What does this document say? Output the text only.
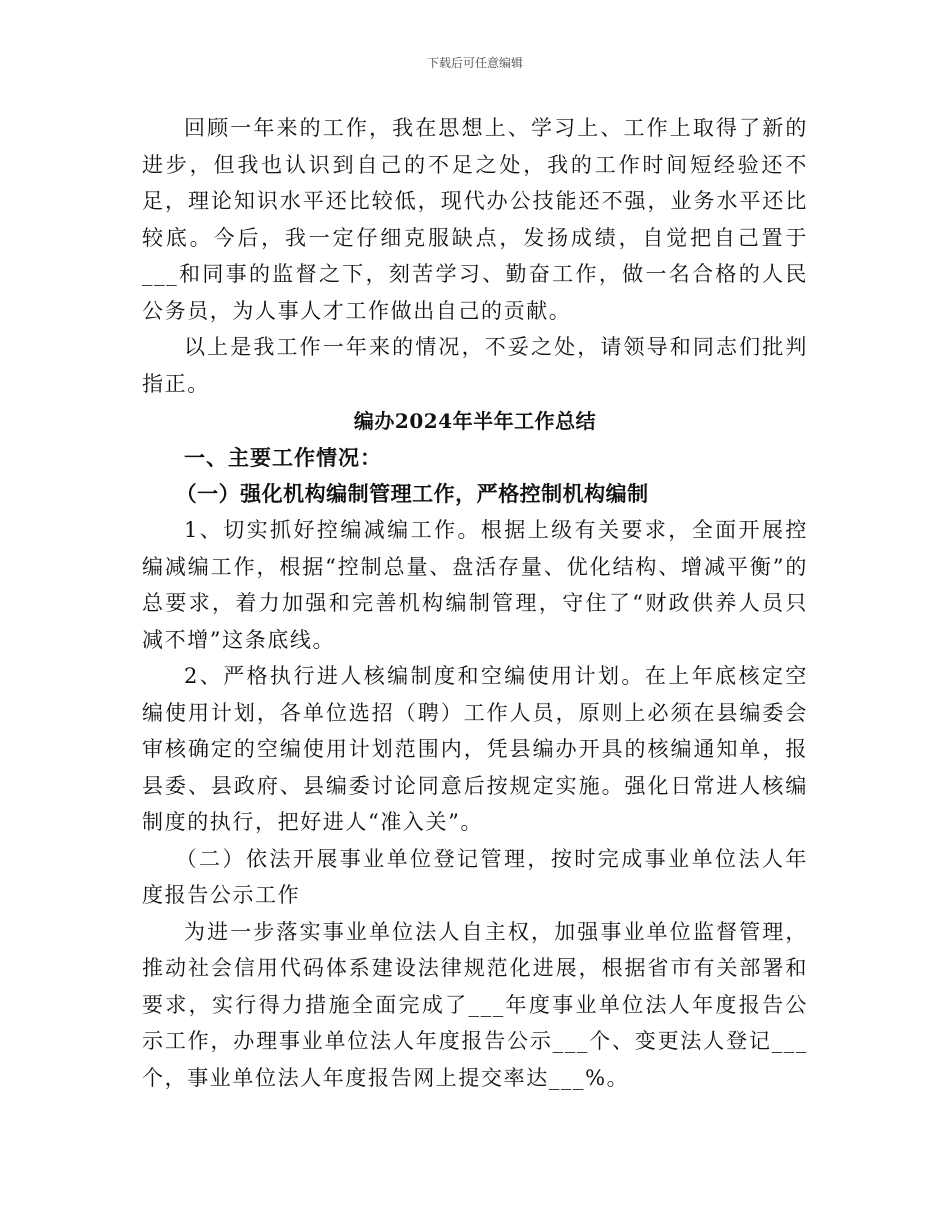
下载后可任意编辑

回顾一年来的工作，我在思想上、学习上、工作上取得了新的进步，但我也认识到自己的不足之处，我的工作时间短经验还不足，理论知识水平还比较低，现代办公技能还不强，业务水平还比较底。今后，我一定仔细克服缺点，发扬成绩，自觉把自己置于___和同事的监督之下，刻苦学习、勤奋工作，做一名合格的人民公务员，为人事人才工作做出自己的贡献。

以上是我工作一年来的情况，不妥之处，请领导和同志们批判指正。

编办2024年半年工作总结
一、主要工作情况：
（一）强化机构编制管理工作，严格控制机构编制

1、切实抓好控编减编工作。根据上级有关要求，全面开展控编减编工作，根据“控制总量、盘活存量、优化结构、增减平衡”的总要求，着力加强和完善机构编制管理，守住了“财政供养人员只减不增”这条底线。

2、严格执行进人核编制度和空编使用计划。在上年底核定空编使用计划，各单位选招（聘）工作人员，原则上必须在县编委会审核确定的空编使用计划范围内，凭县编办开具的核编通知单，报县委、县政府、县编委讨论同意后按规定实施。强化日常进人核编制度的执行，把好进人“准入关”。

（二）依法开展事业单位登记管理，按时完成事业单位法人年度报告公示工作

为进一步落实事业单位法人自主权，加强事业单位监督管理，推动社会信用代码体系建设法律规范化进展，根据省市有关部署和要求，实行得力措施全面完成了___年度事业单位法人年度报告公示工作，办理事业单位法人年度报告公示___个、变更法人登记___个，事业单位法人年度报告网上提交率达___%。
